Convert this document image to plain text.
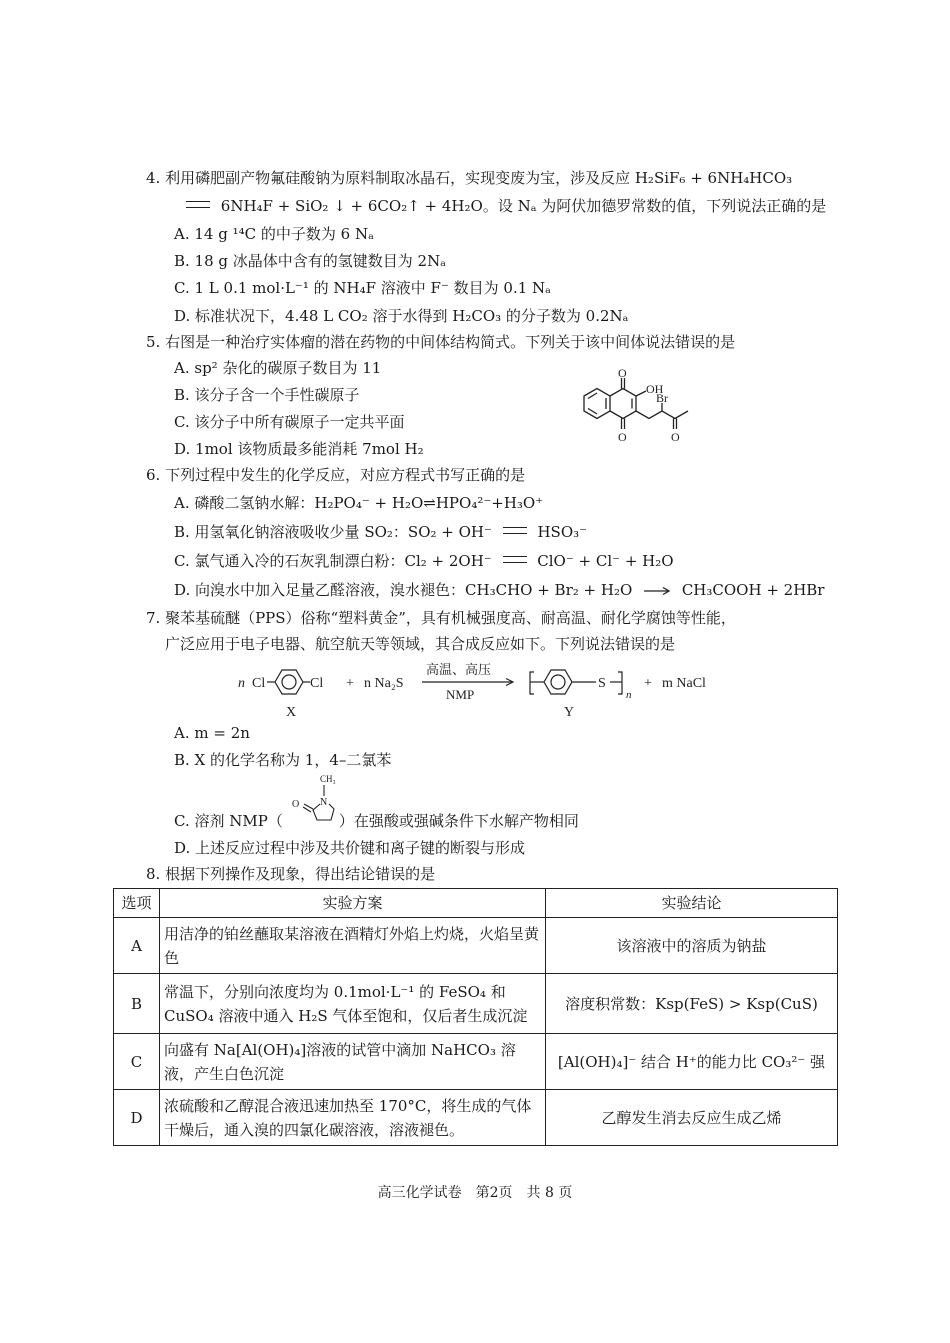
4. 利用磷肥副产物氟硅酸钠为原料制取冰晶石，实现变废为宝，涉及反应 H₂SiF₆ + 6NH₄HCO₃
6NH₄F + SiO₂ ↓ + 6CO₂↑ + 4H₂O。设 Nₐ 为阿伏加德罗常数的值，下列说法正确的是
A. 14 g ¹⁴C 的中子数为 6 Nₐ
B. 18 g 冰晶体中含有的氢键数目为 2Nₐ
C. 1 L 0.1 mol·L⁻¹ 的 NH₄F 溶液中 F⁻ 数目为 0.1 Nₐ
D. 标准状况下，4.48 L CO₂ 溶于水得到 H₂CO₃ 的分子数为 0.2Nₐ
5. 右图是一种治疗实体瘤的潜在药物的中间体结构简式。下列关于该中间体说法错误的是
A. sp² 杂化的碳原子数目为 11
B. 该分子含一个手性碳原子
C. 该分子中所有碳原子一定共平面
D. 1mol 该物质最多能消耗 7mol H₂
O
O
OH
Br
O
6. 下列过程中发生的化学反应，对应方程式书写正确的是
A. 磷酸二氢钠水解：H₂PO₄⁻ + H₂O⇌HPO₄²⁻+H₃O⁺
B. 用氢氧化钠溶液吸收少量 SO₂：SO₂ + OH⁻	HSO₃⁻
C. 氯气通入冷的石灰乳制漂白粉：Cl₂ + 2OH⁻	ClO⁻ + Cl⁻ + H₂O
D. 向溴水中加入足量乙醛溶液，溴水褪色：CH₃CHO + Br₂ + H₂O	CH₃COOH + 2HBr
7. 聚苯基硫醚（PPS）俗称“塑料黄金”，具有机械强度高、耐高温、耐化学腐蚀等性能，
广泛应用于电子电器、航空航天等领域，其合成反应如下。下列说法错误的是
n Cl	Cl + n Na₂S
高温、高压
NMP
S
n
+ m NaCl
X	Y
A. m = 2n
B. X 的化学名称为 1，4–二氯苯
CH₃
O N
C. 溶剂 NMP（	）在强酸或强碱条件下水解产物相同
D. 上述反应过程中涉及共价键和离子键的断裂与形成
8. 根据下列操作及现象，得出结论错误的是
选项	实验方案	实验结论
A	用洁净的铂丝蘸取某溶液在酒精灯外焰上灼烧，火焰呈黄色	该溶液中的溶质为钠盐
B	常温下，分别向浓度均为 0.1mol·L⁻¹ 的 FeSO₄ 和 CuSO₄ 溶液中通入 H₂S 气体至饱和，仅后者生成沉淀	溶度积常数：Ksp(FeS) > Ksp(CuS)
C	向盛有 Na[Al(OH)₄]溶液的试管中滴加 NaHCO₃ 溶液，产生白色沉淀	[Al(OH)₄]⁻ 结合 H⁺的能力比 CO₃²⁻ 强
D	浓硫酸和乙醇混合液迅速加热至 170°C，将生成的气体干燥后，通入溴的四氯化碳溶液，溶液褪色。	乙醇发生消去反应生成乙烯
高三化学试卷　第2页　共 8 页
